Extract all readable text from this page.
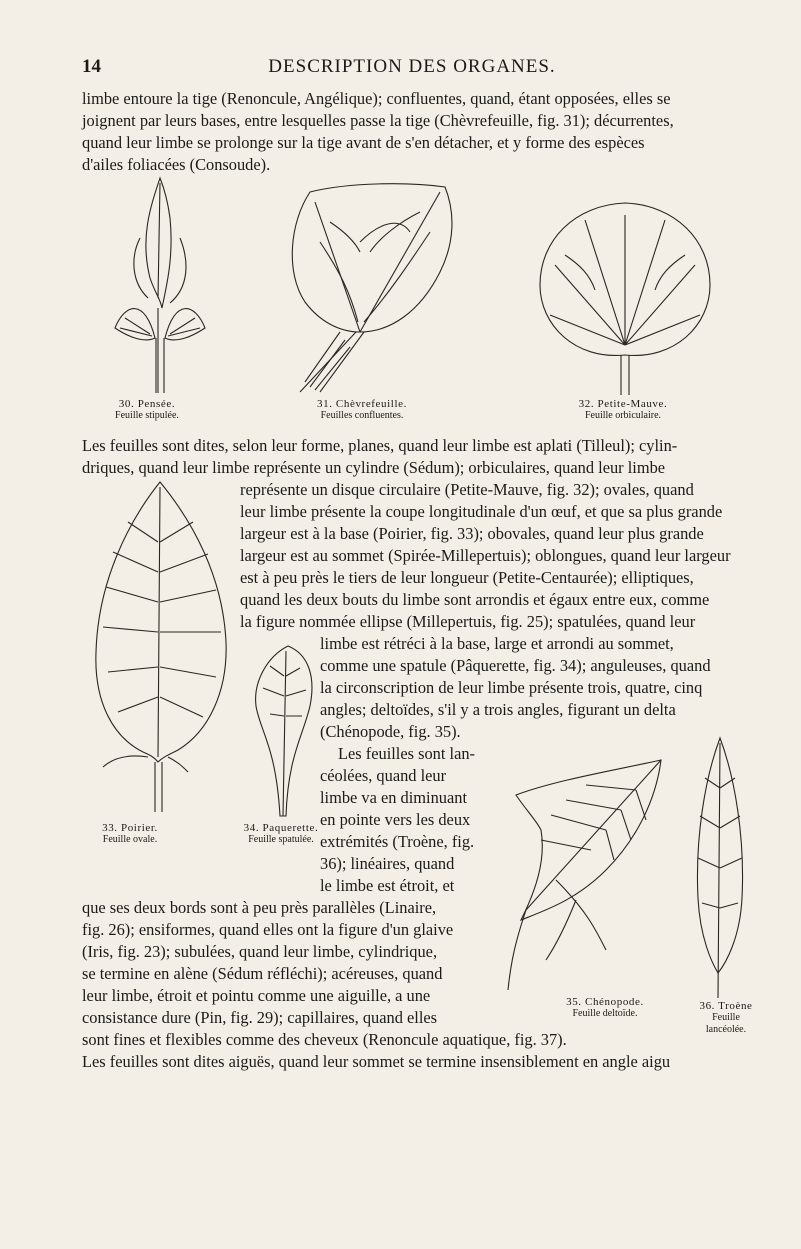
14	DESCRIPTION DES ORGANES.
limbe entoure la tige (Renoncule, Angélique); confluentes, quand, étant opposées, elles se
joignent par leurs bases, entre lesquelles passe la tige (Chèvrefeuille, fig. 31); décurrentes,
quand leur limbe se prolonge sur la tige avant de s'en détacher, et y forme des espèces
d'ailes foliacées (Consoude).
30. Pensée.
Feuille stipulée.
31. Chèvrefeuille.
Feuilles confluentes.
32. Petite-Mauve.
Feuille orbiculaire.
Les feuilles sont dites, selon leur forme, planes, quand leur limbe est aplati (Tilleul); cylin-
driques, quand leur limbe représente un cylindre (Sédum); orbiculaires, quand leur limbe
représente un disque circulaire (Petite-Mauve, fig. 32); ovales, quand
leur limbe présente la coupe longitudinale d'un œuf, et que sa plus grande
largeur est à la base (Poirier, fig. 33); obovales, quand leur plus grande
largeur est au sommet (Spirée-Millepertuis); oblongues, quand leur largeur
est à peu près le tiers de leur longueur (Petite-Centaurée); elliptiques,
quand les deux bouts du limbe sont arrondis et égaux entre eux, comme
la figure nommée ellipse (Millepertuis, fig. 25); spatulées, quand leur
limbe est rétréci à la base, large et arrondi au sommet,
comme une spatule (Pâquerette, fig. 34); anguleuses, quand
la circonscription de leur limbe présente trois, quatre, cinq
angles; deltoïdes, s'il y a trois angles, figurant un delta
(Chénopode, fig. 35).
Les feuilles sont lan-
céolées, quand leur
limbe va en diminuant
en pointe vers les deux
extrémités (Troène, fig.
36); linéaires, quand
le limbe est étroit, et
que ses deux bords sont à peu près parallèles (Linaire,
fig. 26); ensiformes, quand elles ont la figure d'un glaive
(Iris, fig. 23); subulées, quand leur limbe, cylindrique,
se termine en alène (Sédum réfléchi); acéreuses, quand
leur limbe, étroit et pointu comme une aiguille, a une
consistance dure (Pin, fig. 29); capillaires, quand elles
sont fines et flexibles comme des cheveux (Renoncule aquatique, fig. 37).
Les feuilles sont dites aiguës, quand leur sommet se termine insensiblement en angle aigu
33. Poirier.
Feuille ovale.
34. Paquerette.
Feuille spatulée.
35. Chénopode.
Feuille deltoïde.
36. Troène
Feuille
lancéolée.
